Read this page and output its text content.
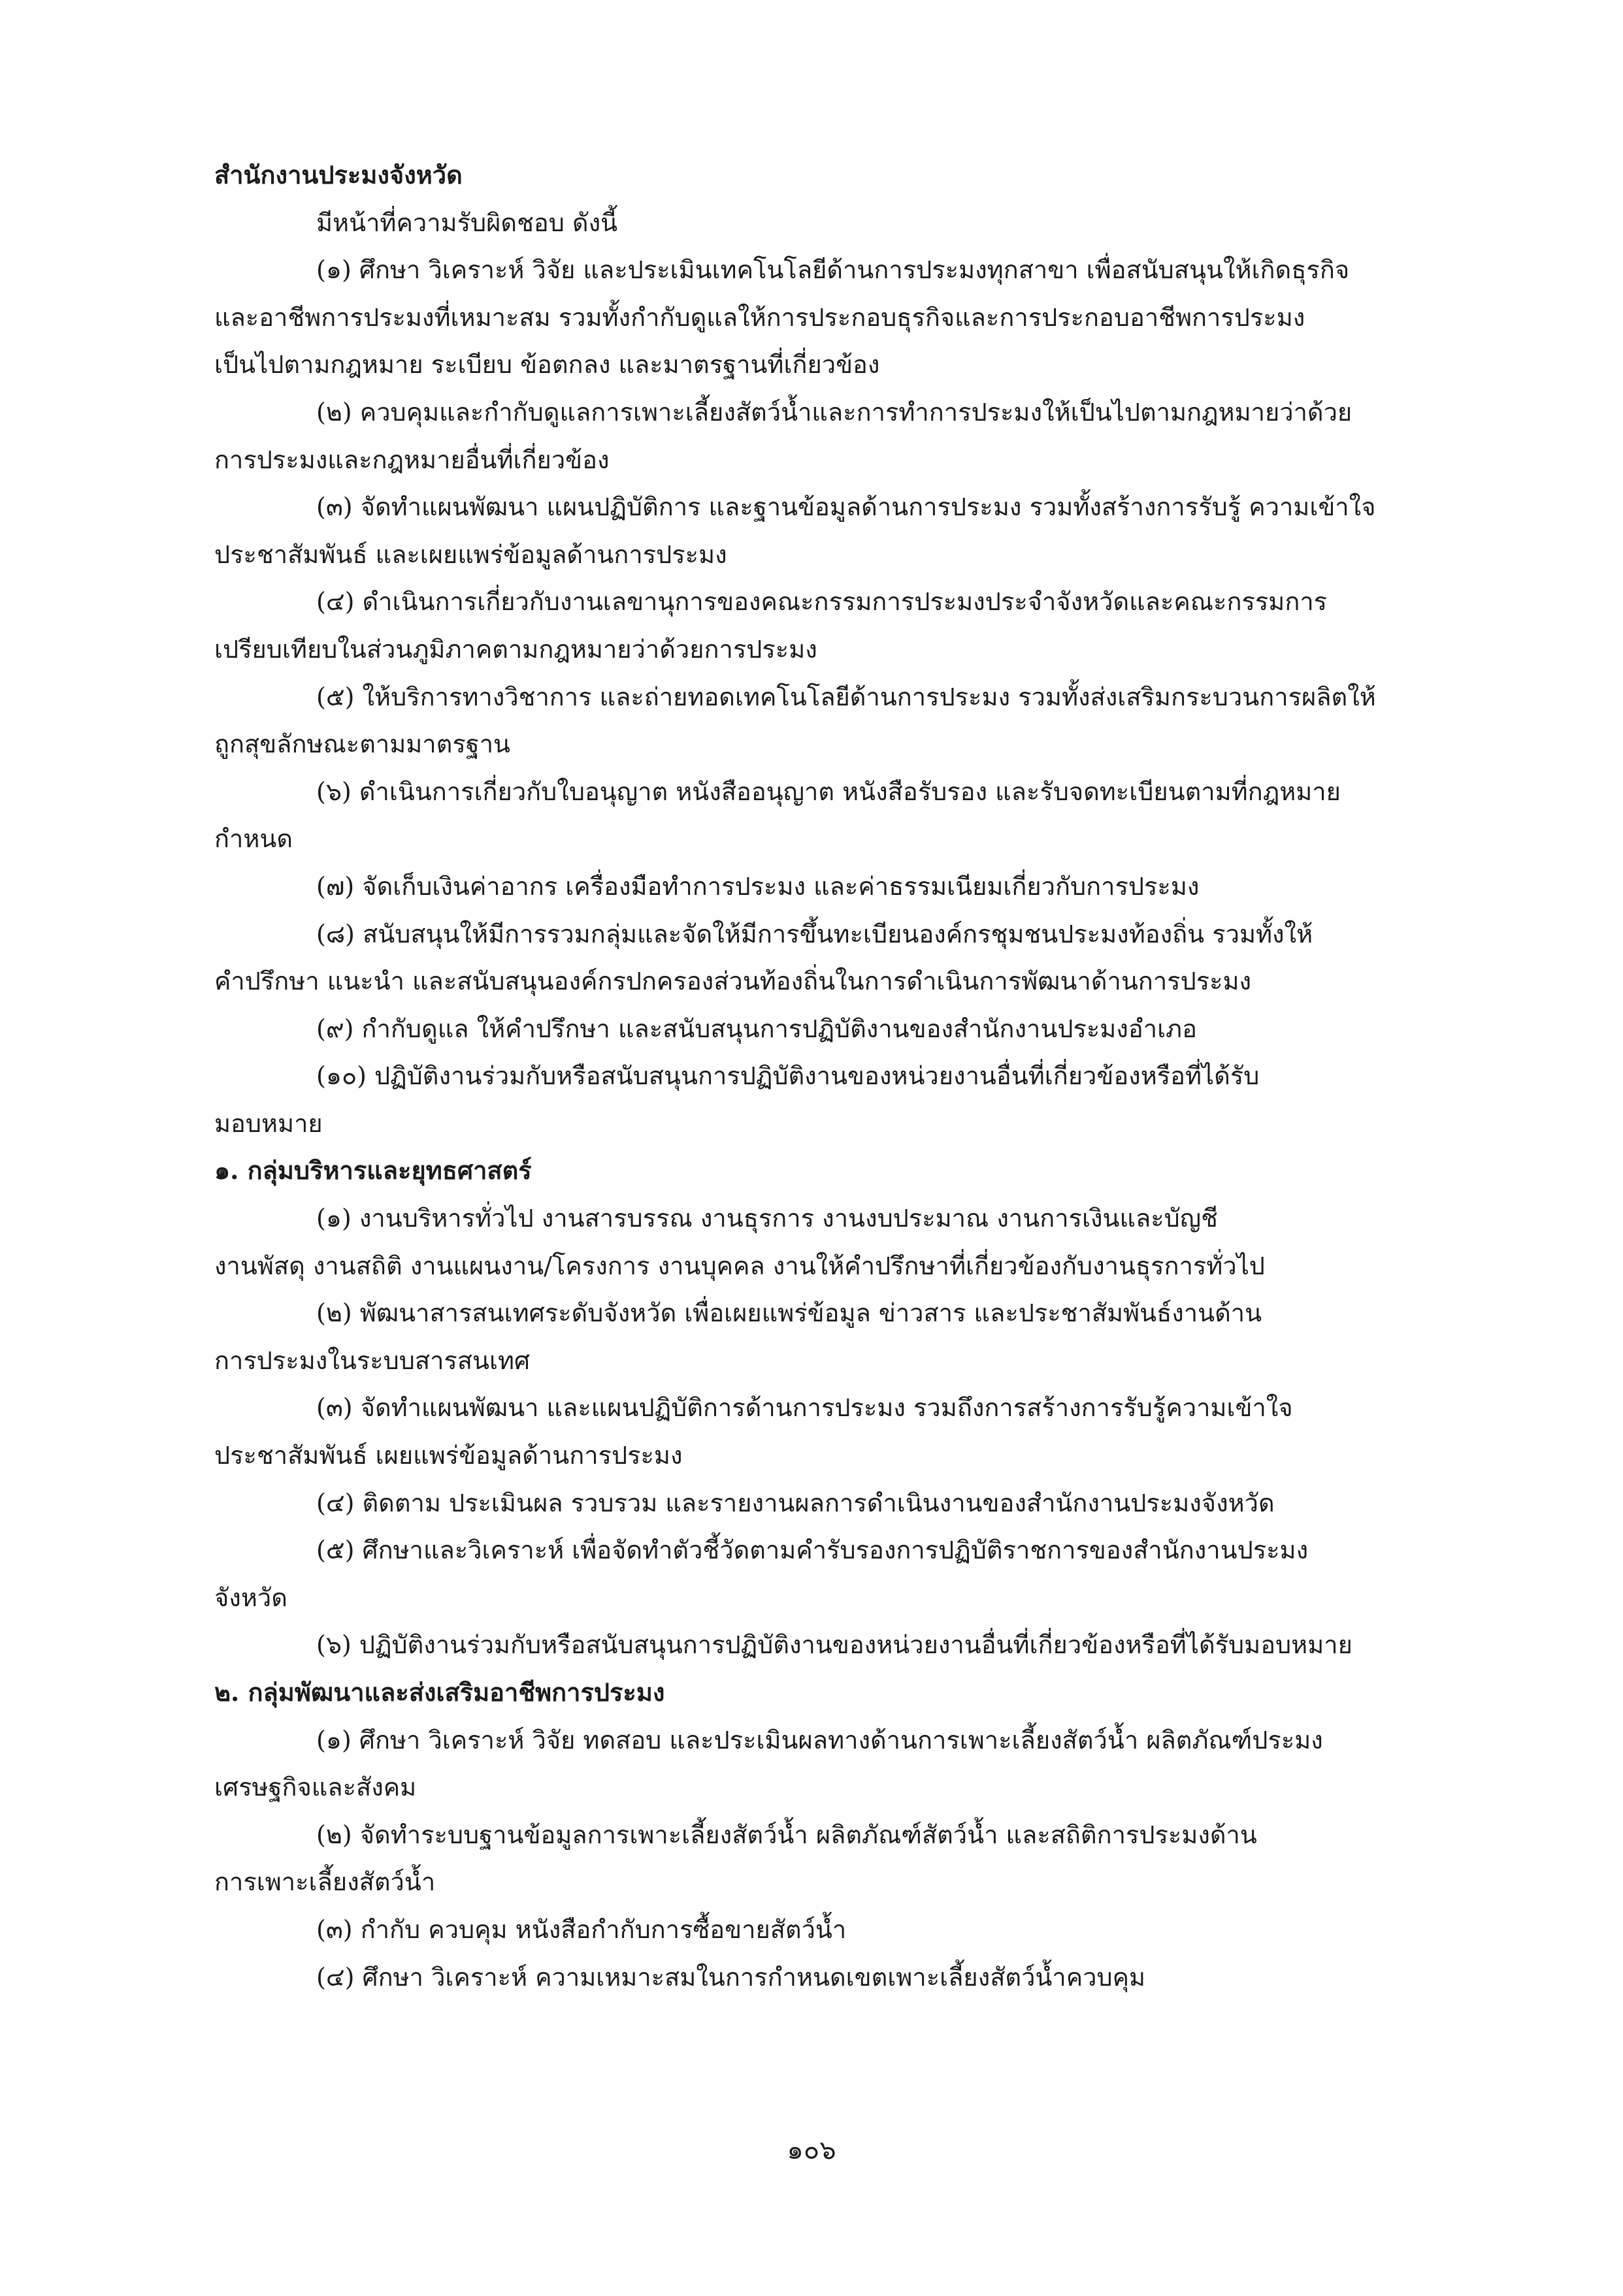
สำนักงานประมงจังหวัด
มีหน้าที่ความรับผิดชอบ ดังนี้
(๑) ศึกษา วิเคราะห์ วิจัย และประเมินเทคโนโลยีด้านการประมงทุกสาขา เพื่อสนับสนุนให้เกิดธุรกิจ
และอาชีพการประมงที่เหมาะสม รวมทั้งกำกับดูแลให้การประกอบธุรกิจและการประกอบอาชีพการประมง
เป็นไปตามกฎหมาย ระเบียบ ข้อตกลง และมาตรฐานที่เกี่ยวข้อง
(๒) ควบคุมและกำกับดูแลการเพาะเลี้ยงสัตว์น้ำและการทำการประมงให้เป็นไปตามกฎหมายว่าด้วย
การประมงและกฎหมายอื่นที่เกี่ยวข้อง
(๓) จัดทำแผนพัฒนา แผนปฏิบัติการ และฐานข้อมูลด้านการประมง รวมทั้งสร้างการรับรู้ ความเข้าใจ
ประชาสัมพันธ์ และเผยแพร่ข้อมูลด้านการประมง
(๔) ดำเนินการเกี่ยวกับงานเลขานุการของคณะกรรมการประมงประจำจังหวัดและคณะกรรมการ
เปรียบเทียบในส่วนภูมิภาคตามกฎหมายว่าด้วยการประมง
(๕) ให้บริการทางวิชาการ และถ่ายทอดเทคโนโลยีด้านการประมง รวมทั้งส่งเสริมกระบวนการผลิตให้
ถูกสุขลักษณะตามมาตรฐาน
(๖) ดำเนินการเกี่ยวกับใบอนุญาต หนังสืออนุญาต หนังสือรับรอง และรับจดทะเบียนตามที่กฎหมาย
กำหนด
(๗) จัดเก็บเงินค่าอากร เครื่องมือทำการประมง และค่าธรรมเนียมเกี่ยวกับการประมง
(๘) สนับสนุนให้มีการรวมกลุ่มและจัดให้มีการขึ้นทะเบียนองค์กรชุมชนประมงท้องถิ่น รวมทั้งให้
คำปรึกษา แนะนำ และสนับสนุนองค์กรปกครองส่วนท้องถิ่นในการดำเนินการพัฒนาด้านการประมง
(๙) กำกับดูแล ให้คำปรึกษา และสนับสนุนการปฏิบัติงานของสำนักงานประมงอำเภอ
(๑๐) ปฏิบัติงานร่วมกับหรือสนับสนุนการปฏิบัติงานของหน่วยงานอื่นที่เกี่ยวข้องหรือที่ได้รับ
มอบหมาย
๑. กลุ่มบริหารและยุทธศาสตร์
(๑) งานบริหารทั่วไป งานสารบรรณ งานธุรการ งานงบประมาณ งานการเงินและบัญชี
งานพัสดุ งานสถิติ งานแผนงาน/โครงการ งานบุคคล งานให้คำปรึกษาที่เกี่ยวข้องกับงานธุรการทั่วไป
(๒) พัฒนาสารสนเทศระดับจังหวัด เพื่อเผยแพร่ข้อมูล ข่าวสาร และประชาสัมพันธ์งานด้าน
การประมงในระบบสารสนเทศ
(๓) จัดทำแผนพัฒนา และแผนปฏิบัติการด้านการประมง รวมถึงการสร้างการรับรู้ความเข้าใจ
ประชาสัมพันธ์ เผยแพร่ข้อมูลด้านการประมง
(๔) ติดตาม ประเมินผล รวบรวม และรายงานผลการดำเนินงานของสำนักงานประมงจังหวัด
(๕) ศึกษาและวิเคราะห์ เพื่อจัดทำตัวชี้วัดตามคำรับรองการปฏิบัติราชการของสำนักงานประมง
จังหวัด
(๖) ปฏิบัติงานร่วมกับหรือสนับสนุนการปฏิบัติงานของหน่วยงานอื่นที่เกี่ยวข้องหรือที่ได้รับมอบหมาย
๒. กลุ่มพัฒนาและส่งเสริมอาชีพการประมง
(๑) ศึกษา วิเคราะห์ วิจัย ทดสอบ และประเมินผลทางด้านการเพาะเลี้ยงสัตว์น้ำ ผลิตภัณฑ์ประมง
เศรษฐกิจและสังคม
(๒) จัดทำระบบฐานข้อมูลการเพาะเลี้ยงสัตว์น้ำ ผลิตภัณฑ์สัตว์น้ำ และสถิติการประมงด้าน
การเพาะเลี้ยงสัตว์น้ำ
(๓) กำกับ ควบคุม หนังสือกำกับการซื้อขายสัตว์น้ำ
(๔) ศึกษา วิเคราะห์ ความเหมาะสมในการกำหนดเขตเพาะเลี้ยงสัตว์น้ำควบคุม
๑๐๖
